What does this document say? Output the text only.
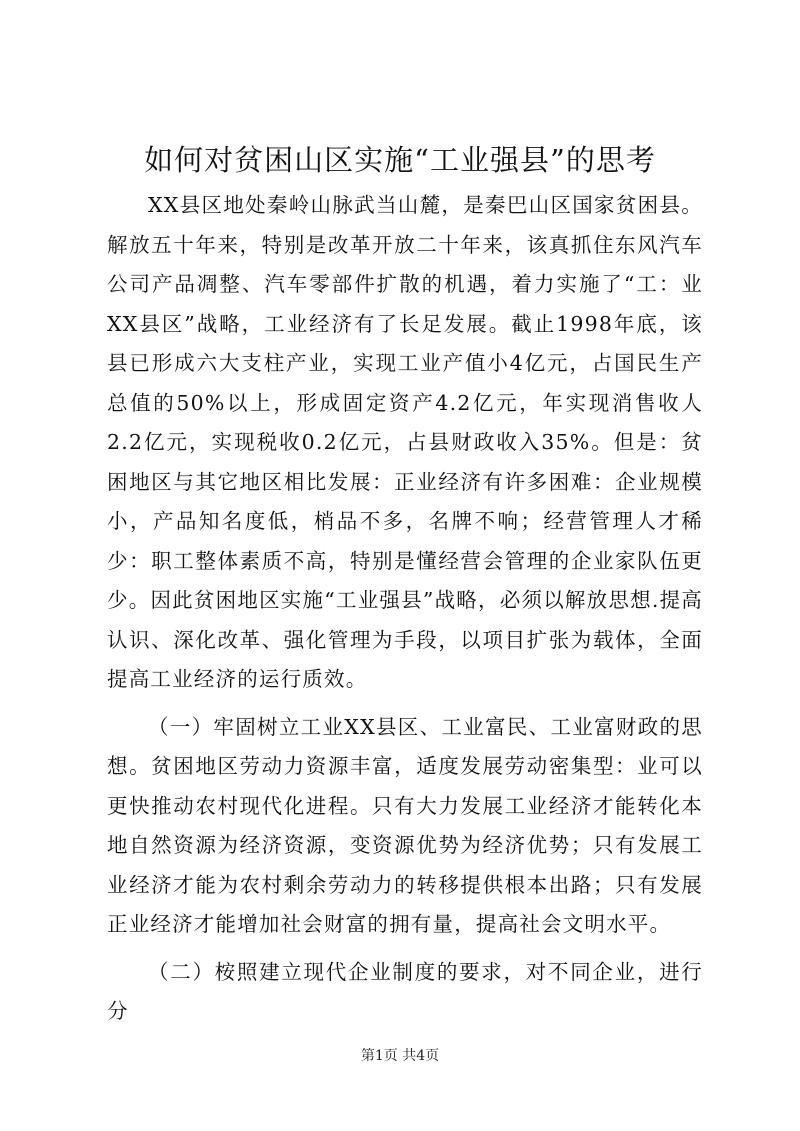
如何对贫困山区实施“工业强县”的思考

XX县区地处秦岭山脉武当山麓，是秦巴山区国家贫困县。解放五十年来，特别是改革开放二十年来，该真抓住东风汽车公司产品凋整、汽车零部件扩散的机遇，着力实施了“工：业XX县区”战略，工业经济有了长足发展。截止1998年底，该县已形成六大支柱产业，实现工业产值小4亿元，占国民生产总值的50%以上，形成固定资产4.2亿元，年实现消售收人2.2亿元，实现税收0.2亿元，占县财政收入35%。但是：贫困地区与其它地区相比发展：正业经济有许多困难：企业规模小，产品知名度低，梢品不多，名牌不响；经营管理人才稀少：职工整体素质不高，特别是懂经营会管理的企业家队伍更少。因此贫困地区实施“工业强县”战略，必须以解放思想.提高认识、深化改革、强化管理为手段，以项目扩张为载体，全面提高工业经济的运行质效。

（一）牢固树立工业XX县区、工业富民、工业富财政的思想。贫困地区劳动力资源丰富，适度发展劳动密集型：业可以更快推动农村现代化进程。只有大力发展工业经济才能转化本地自然资源为经济资源，变资源优势为经济优势；只有发展工业经济才能为农村剩余劳动力的转移提供根本出路；只有发展正业经济才能增加社会财富的拥有量，提高社会文明水平。

（二）桉照建立现代企业制度的要求，对不同企业，进行分

第1页 共4页
